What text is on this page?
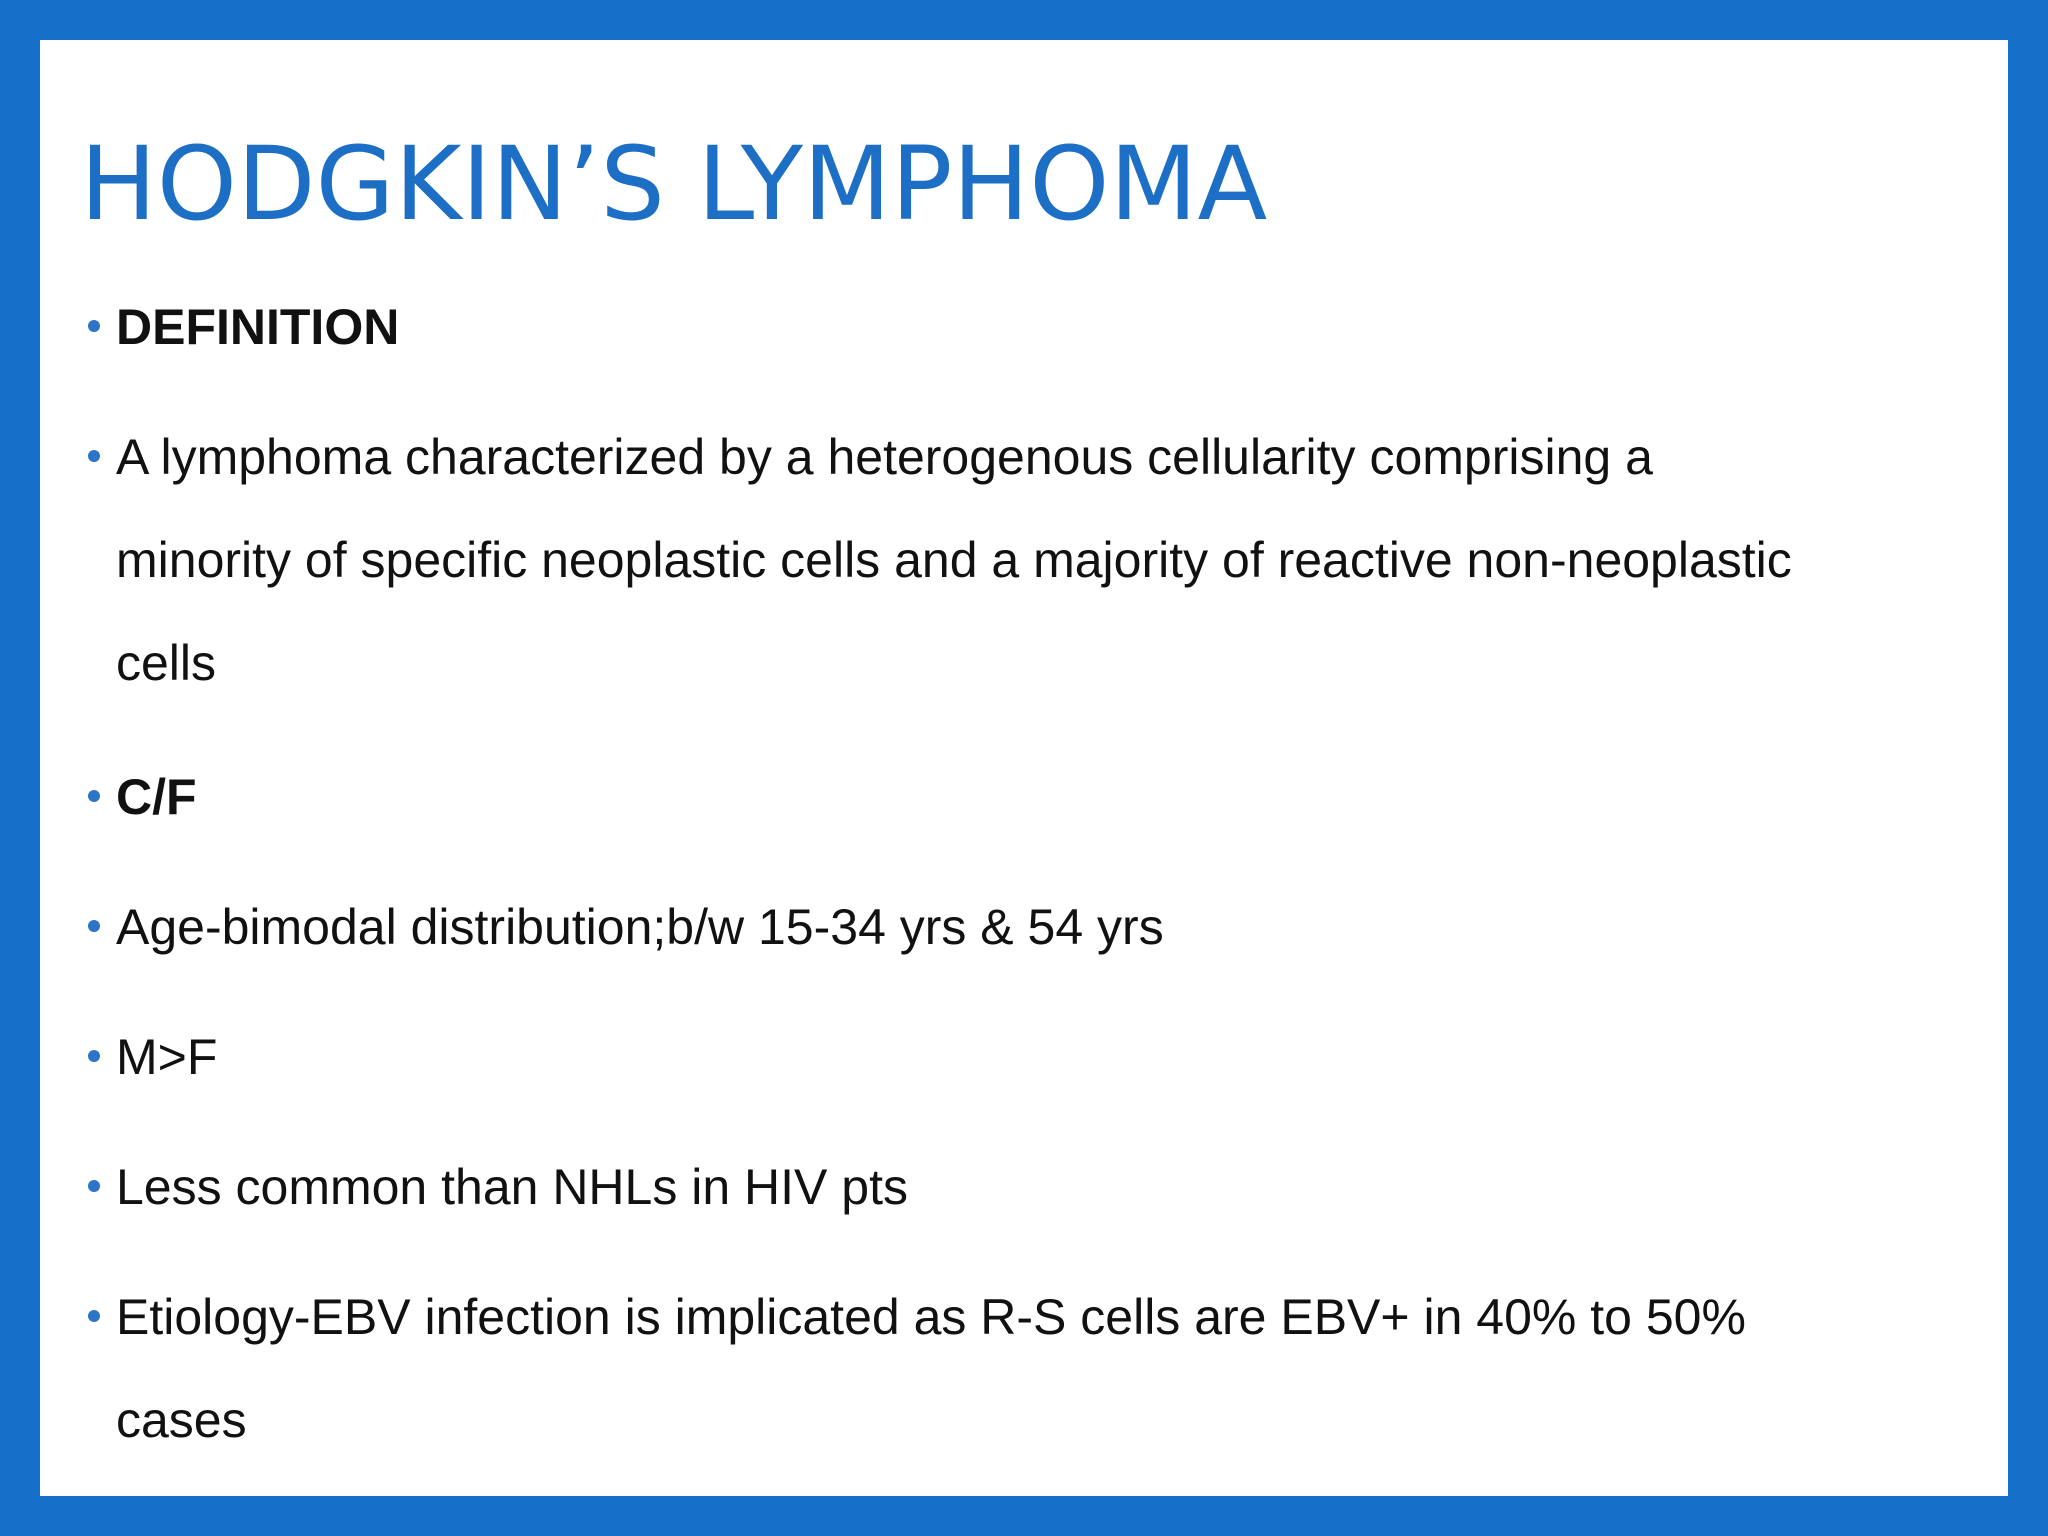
HODGKIN’S LYMPHOMA
DEFINITION
A lymphoma characterized by a heterogenous cellularity comprising a minority of specific neoplastic cells and a majority of reactive non-neoplastic cells
C/F
Age-bimodal distribution;b/w 15-34 yrs & 54 yrs
M>F
Less common than NHLs in HIV pts
Etiology-EBV infection is implicated as R-S cells are EBV+ in 40% to 50% cases
